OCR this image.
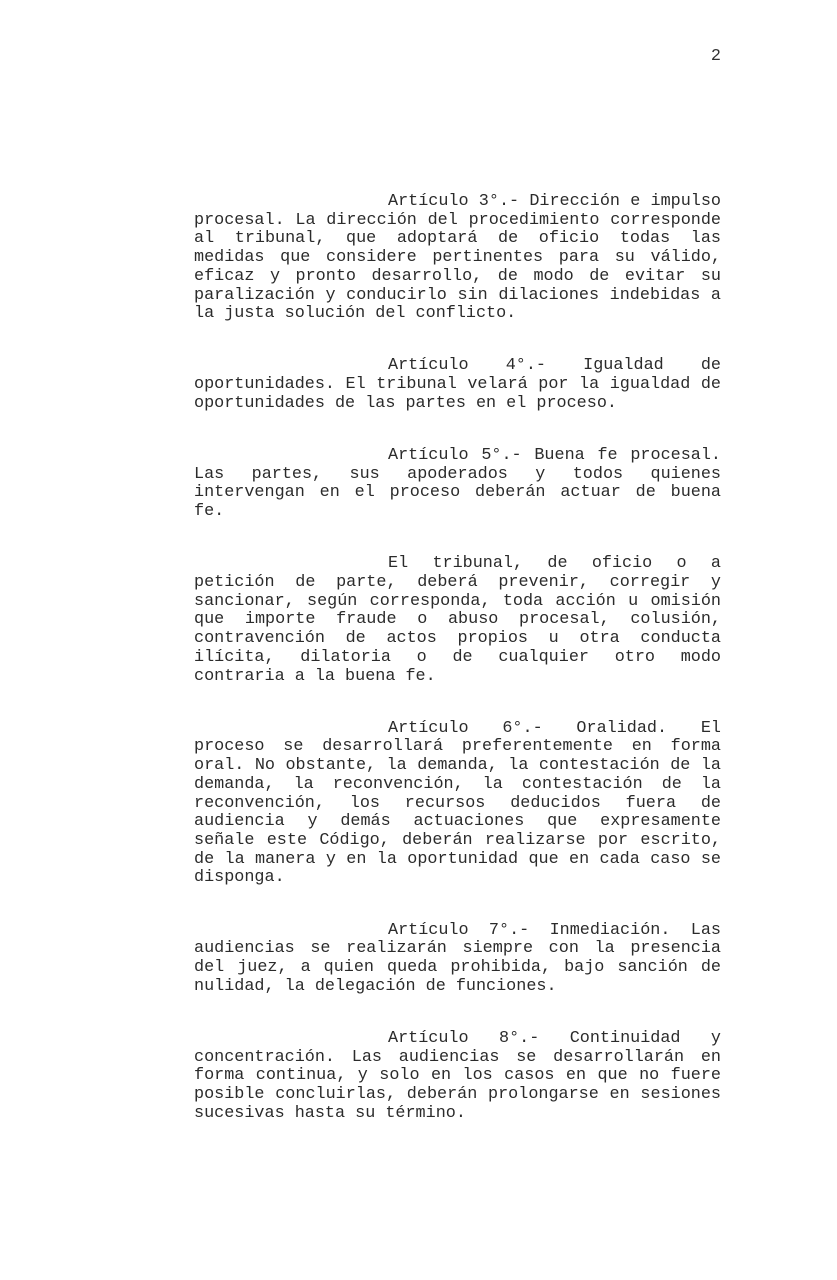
2

Artículo 3°.- Dirección e impulso procesal. La dirección del procedimiento corresponde al tribunal, que adoptará de oficio todas las medidas que considere pertinentes para su válido, eficaz y pronto desarrollo, de modo de evitar su paralización y conducirlo sin dilaciones indebidas a la justa solución del conflicto.

Artículo 4°.- Igualdad de oportunidades. El tribunal velará por la igualdad de oportunidades de las partes en el proceso.

Artículo 5°.- Buena fe procesal. Las partes, sus apoderados y todos quienes intervengan en el proceso deberán actuar de buena fe.

El tribunal, de oficio o a petición de parte, deberá prevenir, corregir y sancionar, según corresponda, toda acción u omisión que importe fraude o abuso procesal, colusión, contravención de actos propios u otra conducta ilícita, dilatoria o de cualquier otro modo contraria a la buena fe.

Artículo 6°.- Oralidad. El proceso se desarrollará preferentemente en forma oral. No obstante, la demanda, la contestación de la demanda, la reconvención, la contestación de la reconvención, los recursos deducidos fuera de audiencia y demás actuaciones que expresamente señale este Código, deberán realizarse por escrito, de la manera y en la oportunidad que en cada caso se disponga.

Artículo 7°.- Inmediación. Las audiencias se realizarán siempre con la presencia del juez, a quien queda prohibida, bajo sanción de nulidad, la delegación de funciones.

Artículo 8°.- Continuidad y concentración. Las audiencias se desarrollarán en forma continua, y solo en los casos en que no fuere posible concluirlas, deberán prolongarse en sesiones sucesivas hasta su término.
